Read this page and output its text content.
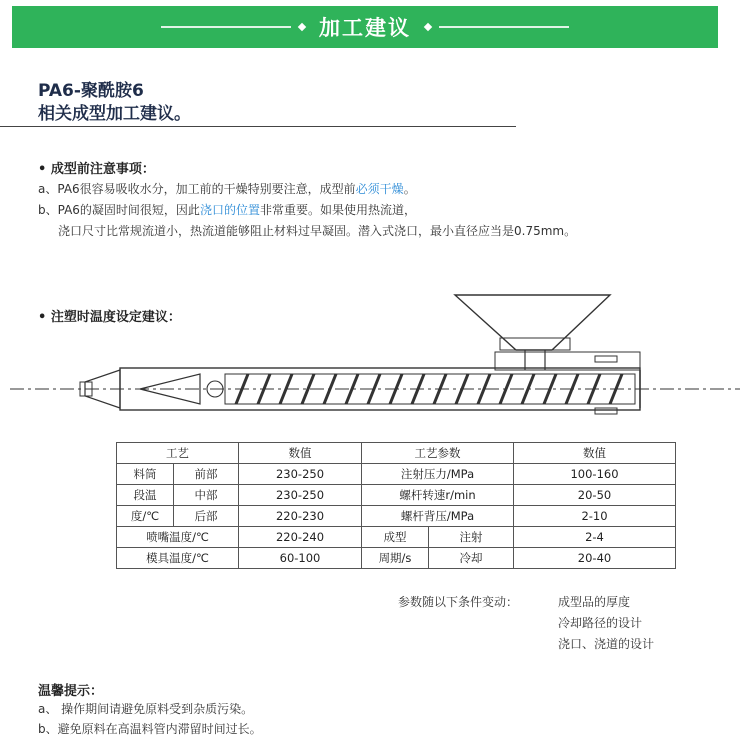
加工建议
PA6-聚酰胺6
相关成型加工建议。
• 成型前注意事项：
a、PA6很容易吸收水分，加工前的干燥特别要注意，成型前必须干燥。
b、PA6的凝固时间很短，因此浇口的位置非常重要。如果使用热流道，
浇口尺寸比常规流道小，热流道能够阻止材料过早凝固。潜入式浇口，最小直径应当是0.75mm。
• 注塑时温度设定建议：
工艺		数值	工艺参数		数值
料筒	前部	230-250	注射压力/MPa		100-160
段温	中部	230-250	螺杆转速r/min		20-50
度/℃	后部	220-230	螺杆背压/MPa		2-10
喷嘴温度/℃		220-240	成型	注射	2-4
模具温度/℃		60-100	周期/s	冷却	20-40
参数随以下条件变动：	成型品的厚度
冷却路径的设计
浇口、浇道的设计
温馨提示：
a、 操作期间请避免原料受到杂质污染。
b、避免原料在高温料管内滞留时间过长。
